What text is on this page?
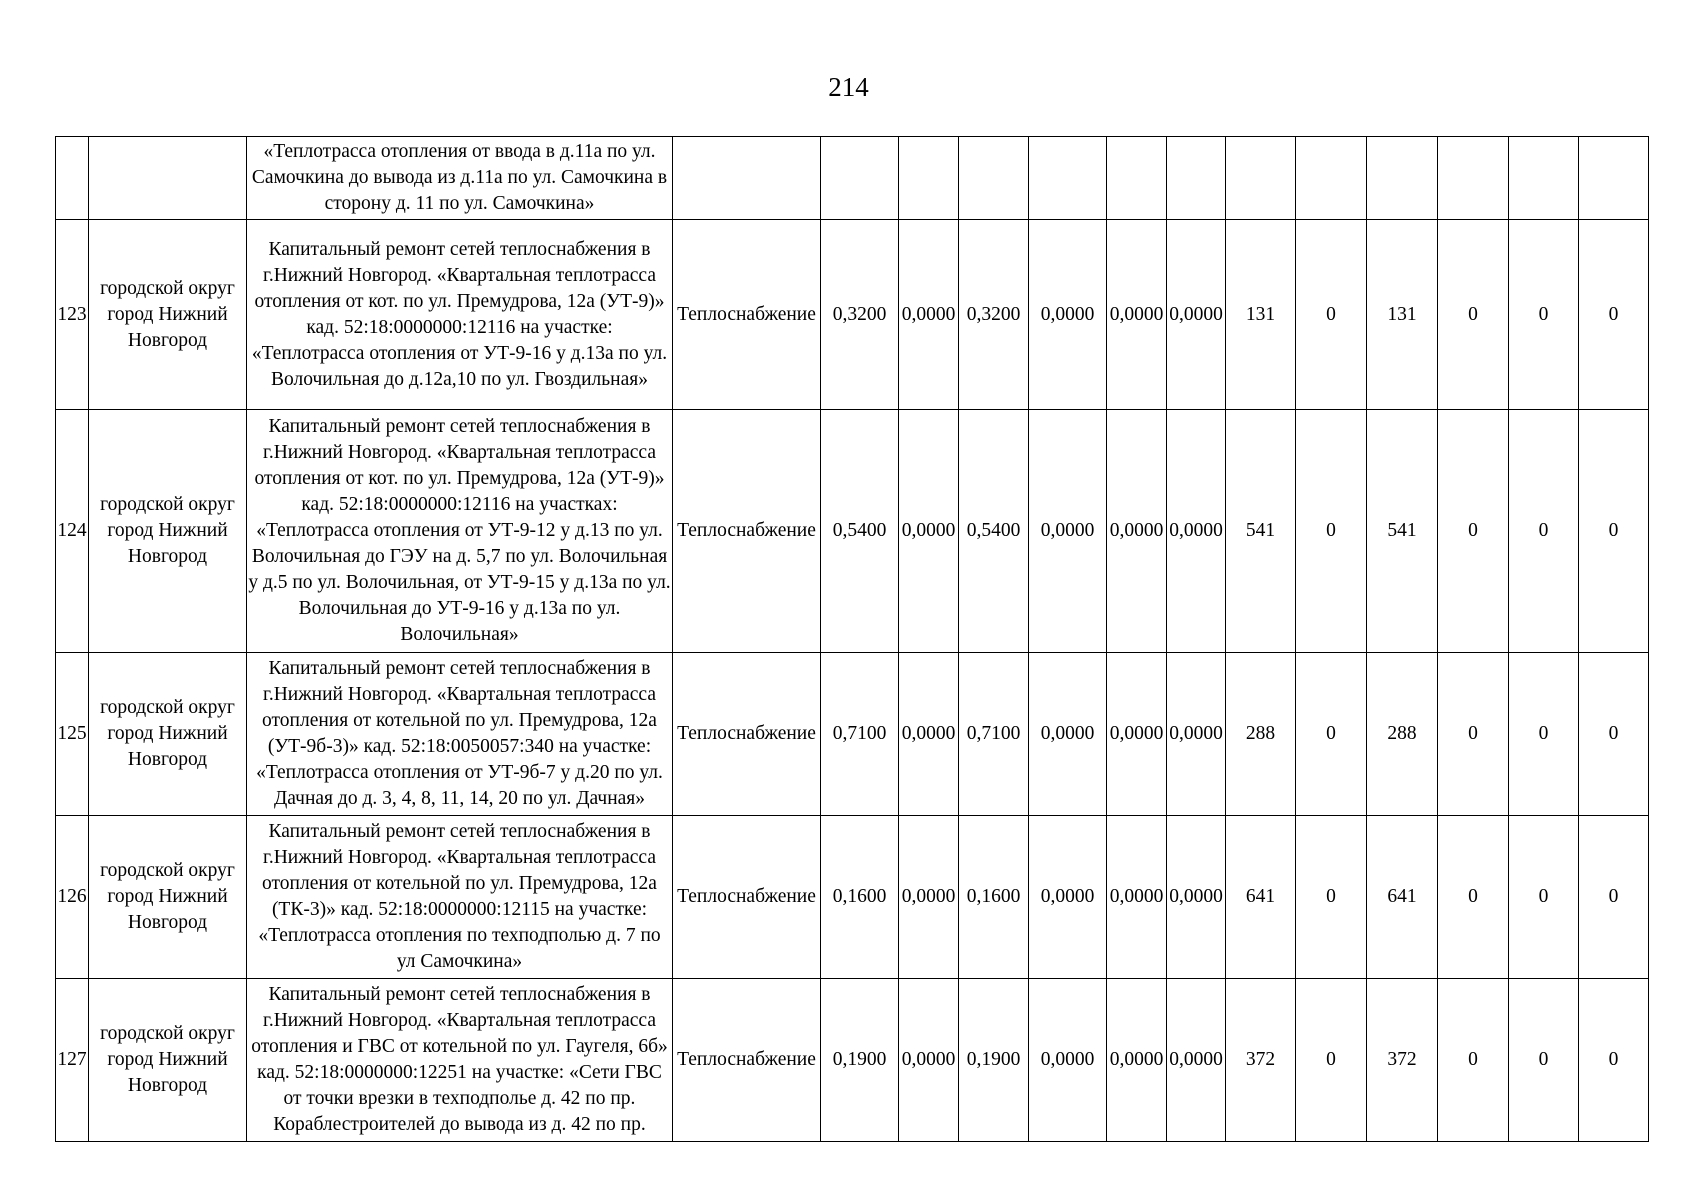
214
		«Теплотрасса отопления от ввода в д.11а по ул. Самочкина до вывода из д.11а по ул. Самочкина в сторону д. 11 по ул. Самочкина»													
123	городской округ город Нижний Новгород	Капитальный ремонт сетей теплоснабжения в г.Нижний Новгород. «Квартальная теплотрасса отопления от кот. по ул. Премудрова, 12а (УТ-9)» кад. 52:18:0000000:12116 на участке: «Теплотрасса отопления от УТ-9-16 у д.13а по ул. Волочильная до д.12а,10 по ул. Гвоздильная»	Теплоснабжение	0,3200	0,0000	0,3200	0,0000	0,0000	0,0000	131	0	131	0	0	0
124	городской округ город Нижний Новгород	Капитальный ремонт сетей теплоснабжения в г.Нижний Новгород. «Квартальная теплотрасса отопления от кот. по ул. Премудрова, 12а (УТ-9)» кад. 52:18:0000000:12116 на участках: «Теплотрасса отопления от УТ-9-12 у д.13 по ул. Волочильная до ГЭУ на д. 5,7 по ул. Волочильная у д.5 по ул. Волочильная, от УТ-9-15 у д.13а по ул. Волочильная до УТ-9-16 у д.13а по ул. Волочильная»	Теплоснабжение	0,5400	0,0000	0,5400	0,0000	0,0000	0,0000	541	0	541	0	0	0
125	городской округ город Нижний Новгород	Капитальный ремонт сетей теплоснабжения в г.Нижний Новгород. «Квартальная теплотрасса отопления от котельной по ул. Премудрова, 12а (УТ-9б-3)» кад. 52:18:0050057:340 на участке: «Теплотрасса отопления от УТ-9б-7 у д.20 по ул. Дачная до д. 3, 4, 8, 11, 14, 20 по ул. Дачная»	Теплоснабжение	0,7100	0,0000	0,7100	0,0000	0,0000	0,0000	288	0	288	0	0	0
126	городской округ город Нижний Новгород	Капитальный ремонт сетей теплоснабжения в г.Нижний Новгород. «Квартальная теплотрасса отопления от котельной по ул. Премудрова, 12а (ТК-3)» кад. 52:18:0000000:12115 на участке: «Теплотрасса отопления по техподполью д. 7 по ул Самочкина»	Теплоснабжение	0,1600	0,0000	0,1600	0,0000	0,0000	0,0000	641	0	641	0	0	0
127	городской округ город Нижний Новгород	Капитальный ремонт сетей теплоснабжения в г.Нижний Новгород. «Квартальная теплотрасса отопления и ГВС от котельной по ул. Гаугеля, 6б» кад. 52:18:0000000:12251 на участке: «Сети ГВС от точки врезки в техподполье д. 42 по пр. Кораблестроителей до вывода из д. 42 по пр.	Теплоснабжение	0,1900	0,0000	0,1900	0,0000	0,0000	0,0000	372	0	372	0	0	0
